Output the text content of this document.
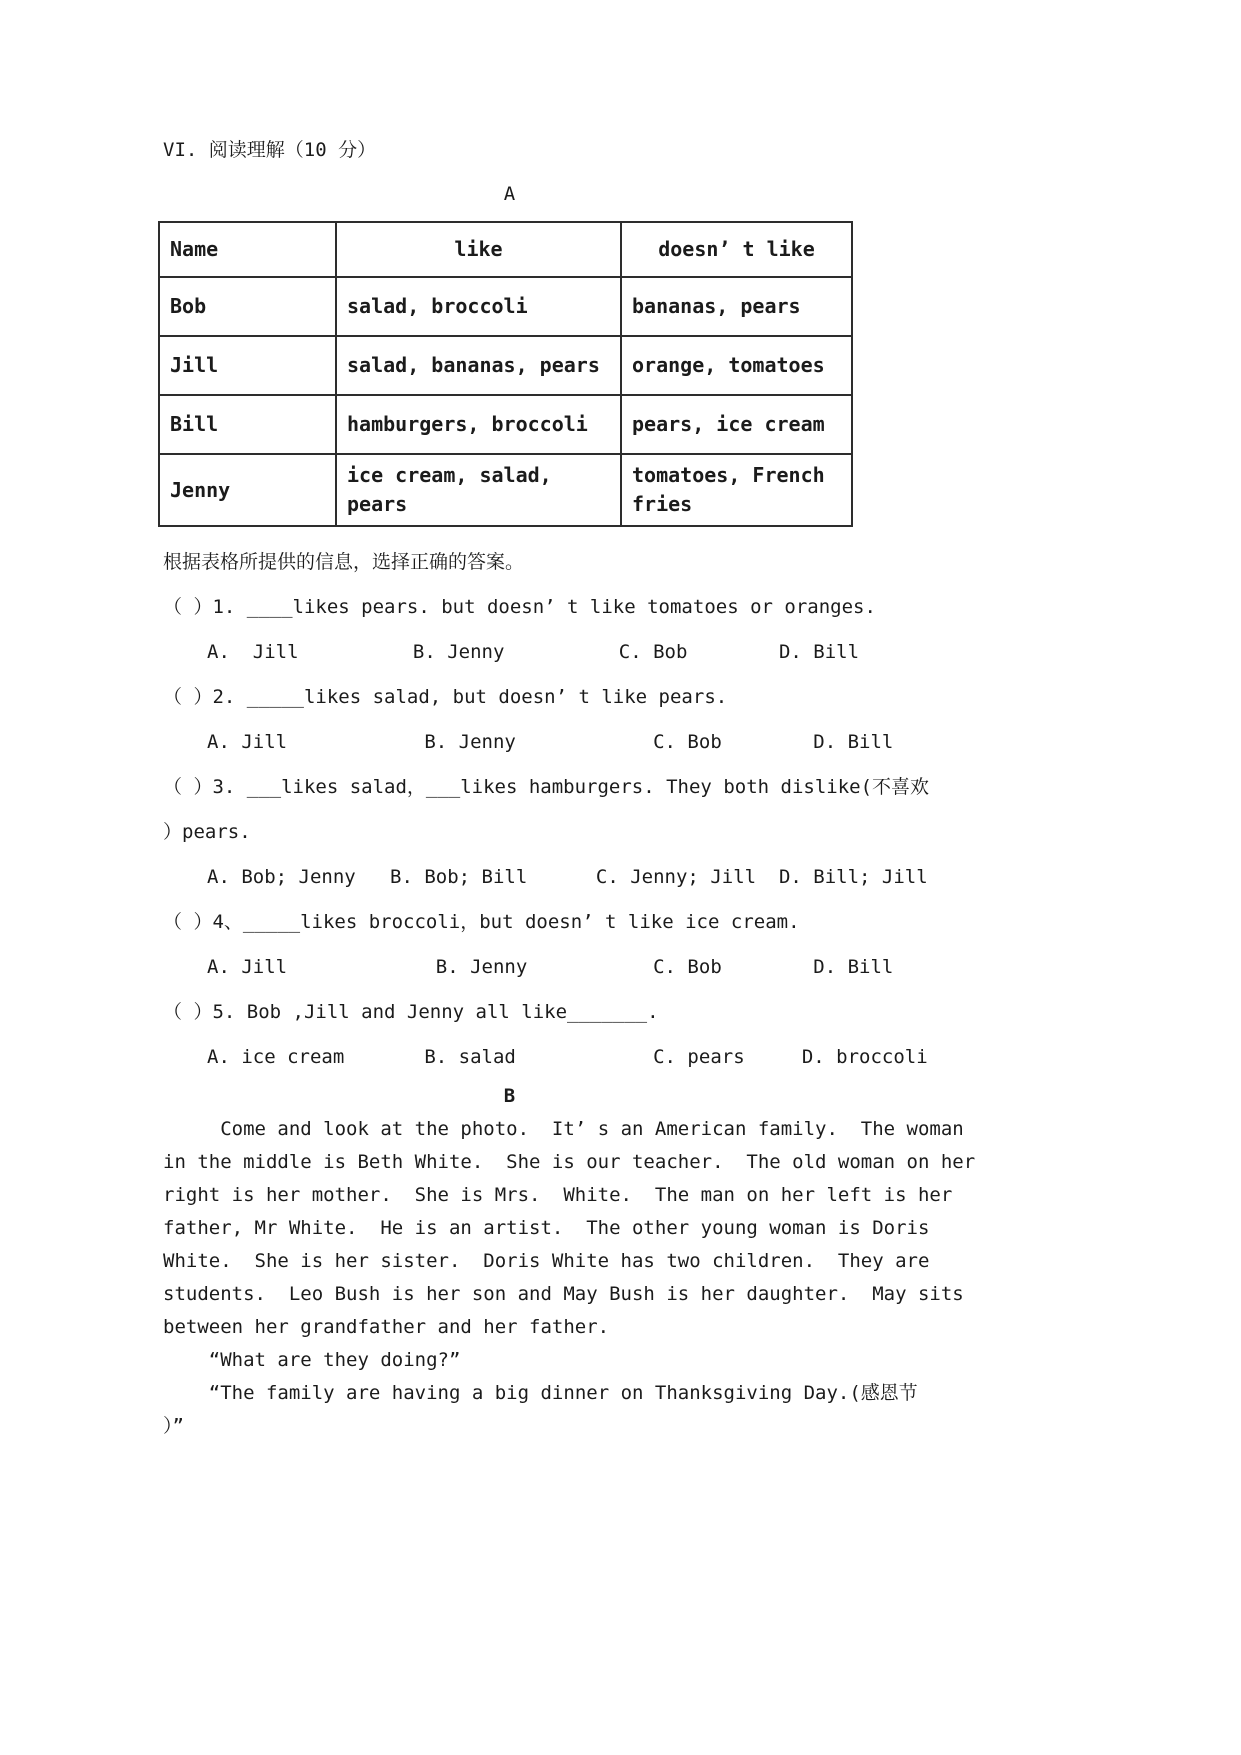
VI. 阅读理解（10 分）
A
Name	like	doesn’ t like
Bob	salad, broccoli	bananas, pears
Jill	salad, bananas, pears	orange, tomatoes
Bill	hamburgers, broccoli	pears, ice cream
Jenny	ice cream, salad, pears	tomatoes, French fries
根据表格所提供的信息，选择正确的答案。
（ ）1. ____likes pears. but doesn’ t like tomatoes or oranges.
A.  Jill          B. Jenny          C. Bob        D. Bill
（ ）2. _____likes salad, but doesn’ t like pears.
A. Jill            B. Jenny            C. Bob        D. Bill
（ ）3. ___likes salad，___likes hamburgers. They both dislike(不喜欢
）pears.
A. Bob; Jenny   B. Bob; Bill      C. Jenny; Jill  D. Bill; Jill
（ ）4、_____likes broccoli，but doesn’ t like ice cream.
A. Jill             B. Jenny           C. Bob        D. Bill
（ ）5. Bob ,Jill and Jenny all like_______.
A. ice cream       B. salad            C. pears     D. broccoli
B
Come and look at the photo.  It’ s an American family.  The woman
in the middle is Beth White.  She is our teacher.  The old woman on her
right is her mother.  She is Mrs.  White.  The man on her left is her
father, Mr White.  He is an artist.  The other young woman is Doris
White.  She is her sister.  Doris White has two children.  They are
students.  Leo Bush is her son and May Bush is her daughter.  May sits
between her grandfather and her father.
“What are they doing?”
“The family are having a big dinner on Thanksgiving Day.(感恩节
）”
